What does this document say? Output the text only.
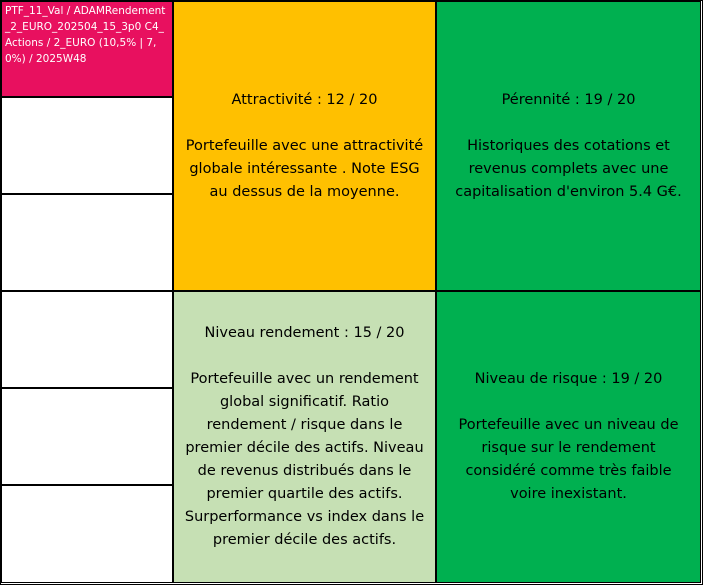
PTF_11_Val / ADAMRendement_2_EURO_202504_15_3p0 C4_Actions / 2_EURO (10,5% | 7,0%) / 2025W48

Attractivité : 12 / 20

Portefeuille avec une attractivité globale intéressante . Note ESG au dessus de la moyenne.

Pérennité : 19 / 20

Historiques des cotations et revenus complets avec une capitalisation d'environ 5.4 G€.

Niveau rendement : 15 / 20

Portefeuille avec un rendement global significatif. Ratio rendement / risque dans le premier décile des actifs. Niveau de revenus distribués dans le premier quartile des actifs. Surperformance vs index dans le premier décile des actifs.

Niveau de risque : 19 / 20

Portefeuille avec un niveau de risque sur le rendement considéré comme très faible voire inexistant.
